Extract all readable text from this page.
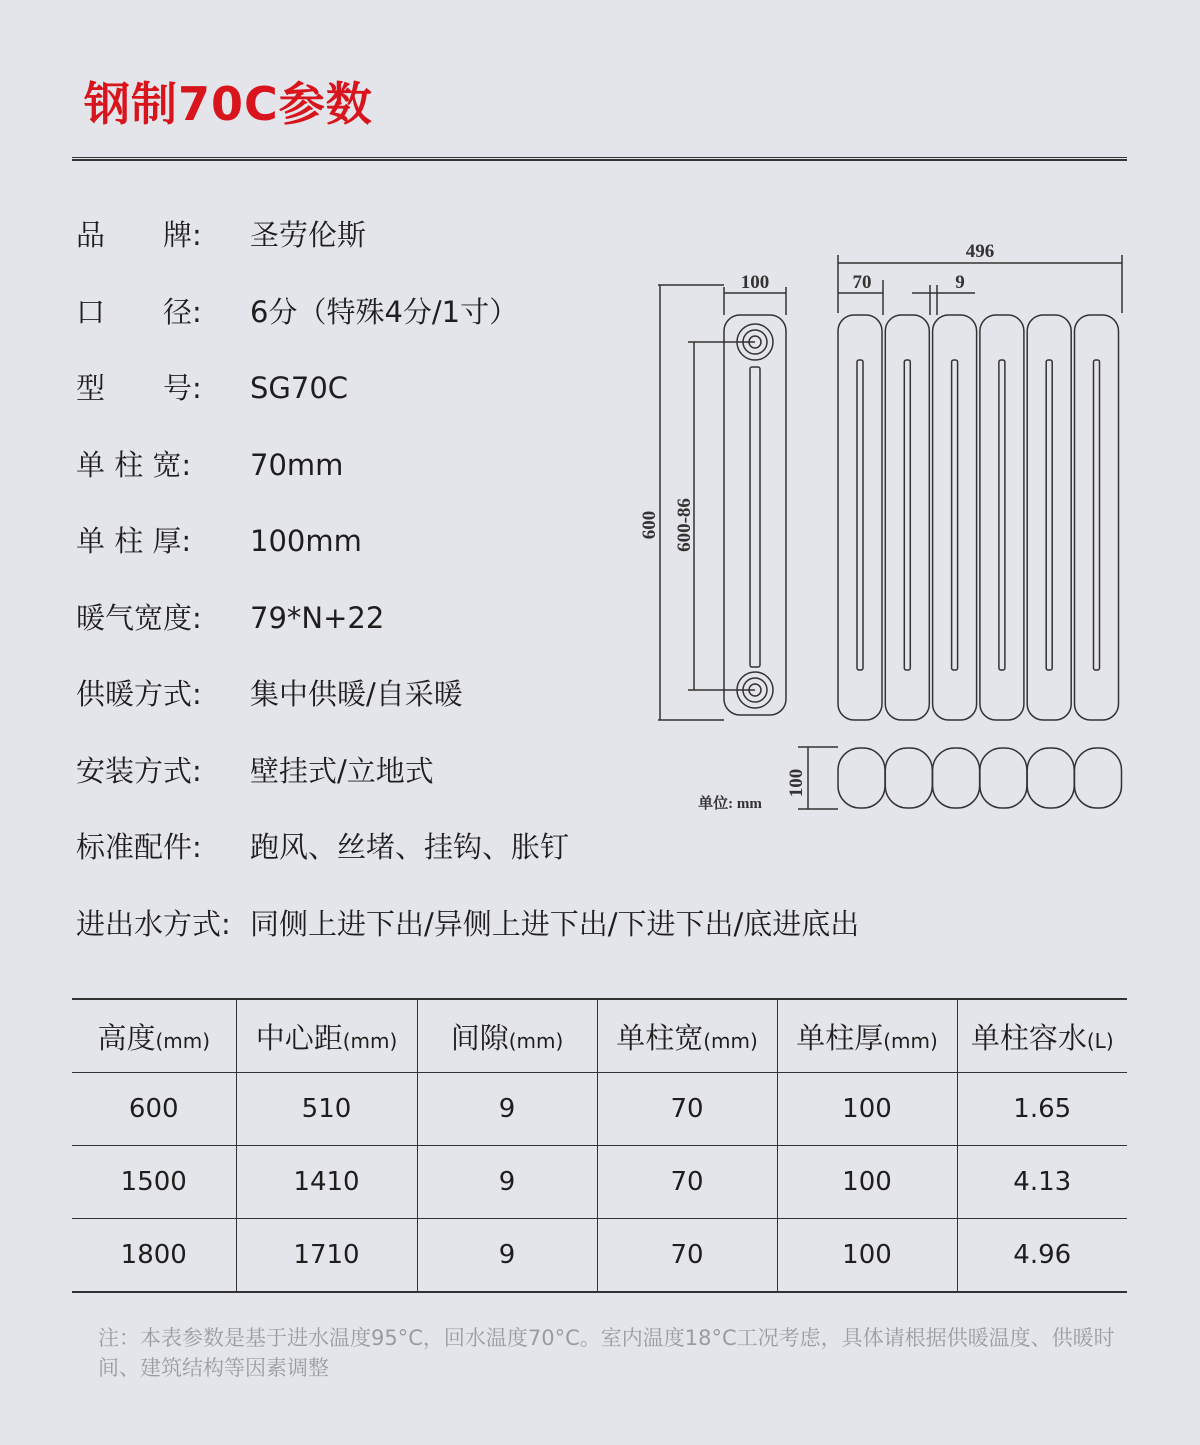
钢制70C参数
品　　牌: 圣劳伦斯
口　　径: 6分（特殊4分/1寸）
型　　号: SG70C
单 柱 宽: 70mm
单 柱 厚: 100mm
暖气宽度: 79*N+22
供暖方式: 集中供暖/自采暖
安装方式: 壁挂式/立地式
标准配件: 跑风、丝堵、挂钩、胀钉
进出水方式: 同侧上进下出/异侧上进下出/下进下出/底进底出
100
600 600-86
496
70	9
100
单位: mm
高度(mm)	中心距(mm)	间隙(mm)	单柱宽(mm)	单柱厚(mm)	单柱容水(L)
600	510	9	70	100	1.65
1500	1410	9	70	100	4.13
1800	1710	9	70	100	4.96
注：本表参数是基于进水温度95°C，回水温度70°C。室内温度18°C工况考虑，具体请根据供暖温度、供暖时间、建筑结构等因素调整
